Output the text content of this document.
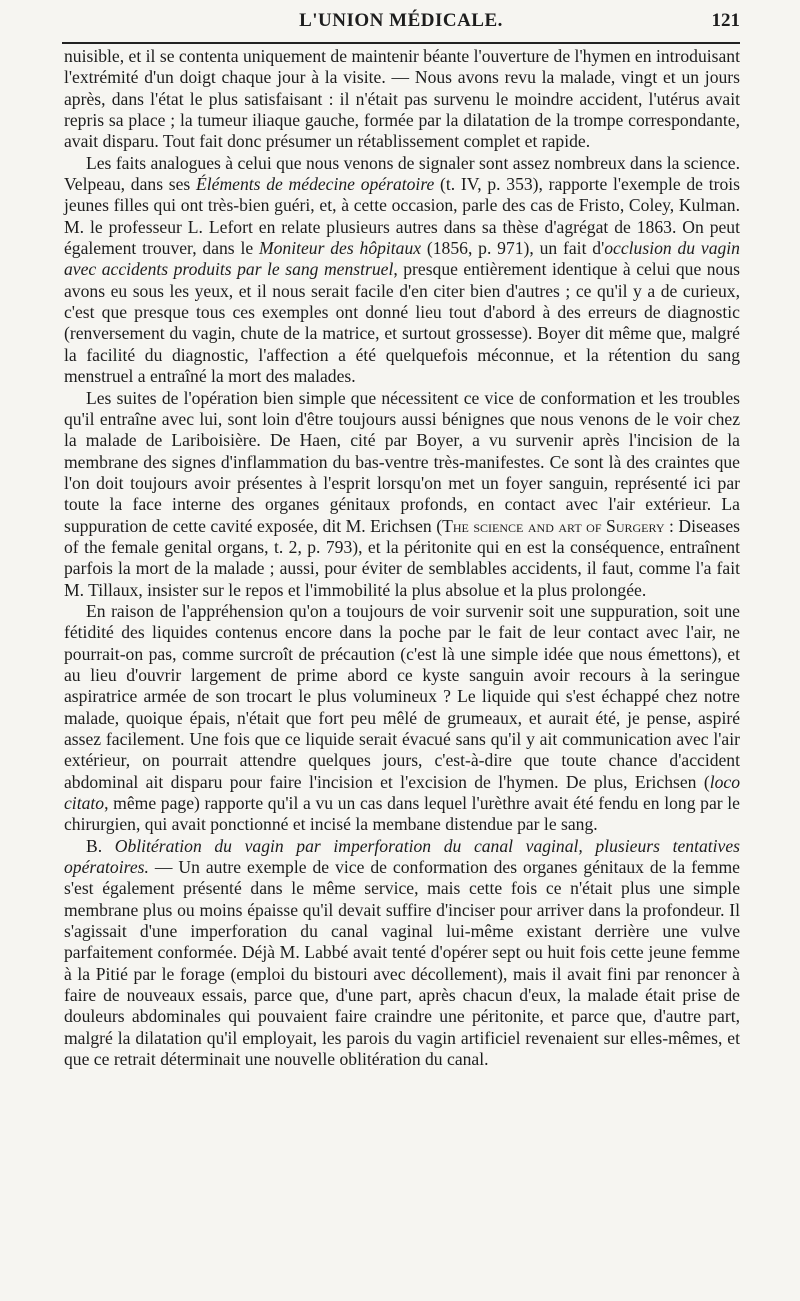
L'UNION MÉDICALE.	121

nuisible, et il se contenta uniquement de maintenir béante l'ouverture de l'hymen en introduisant l'extrémité d'un doigt chaque jour à la visite. — Nous avons revu la malade, vingt et un jours après, dans l'état le plus satisfaisant : il n'était pas survenu le moindre accident, l'utérus avait repris sa place ; la tumeur iliaque gauche, formée par la dilatation de la trompe correspondante, avait disparu. Tout fait donc présumer un rétablissement complet et rapide.

Les faits analogues à celui que nous venons de signaler sont assez nombreux dans la science. Velpeau, dans ses Éléments de médecine opératoire (t. IV, p. 353), rapporte l'exemple de trois jeunes filles qui ont très-bien guéri, et, à cette occasion, parle des cas de Fristo, Coley, Kulman. M. le professeur L. Lefort en relate plusieurs autres dans sa thèse d'agrégat de 1863. On peut également trouver, dans le Moniteur des hôpitaux (1856, p. 971), un fait d'occlusion du vagin avec accidents produits par le sang menstruel, presque entièrement identique à celui que nous avons eu sous les yeux, et il nous serait facile d'en citer bien d'autres ; ce qu'il y a de curieux, c'est que presque tous ces exemples ont donné lieu tout d'abord à des erreurs de diagnostic (renversement du vagin, chute de la matrice, et surtout grossesse). Boyer dit même que, malgré la facilité du diagnostic, l'affection a été quelquefois méconnue, et la rétention du sang menstruel a entraîné la mort des malades.

Les suites de l'opération bien simple que nécessitent ce vice de conformation et les troubles qu'il entraîne avec lui, sont loin d'être toujours aussi bénignes que nous venons de le voir chez la malade de Lariboisière. De Haen, cité par Boyer, a vu survenir après l'incision de la membrane des signes d'inflammation du bas-ventre très-manifestes. Ce sont là des craintes que l'on doit toujours avoir présentes à l'esprit lorsqu'on met un foyer sanguin, représenté ici par toute la face interne des organes génitaux profonds, en contact avec l'air extérieur. La suppuration de cette cavité exposée, dit M. Erichsen (The science and art of Surgery : Diseases of the female genital organs, t. 2, p. 793), et la péritonite qui en est la conséquence, entraînent parfois la mort de la malade ; aussi, pour éviter de semblables accidents, il faut, comme l'a fait M. Tillaux, insister sur le repos et l'immobilité la plus absolue et la plus prolongée.

En raison de l'appréhension qu'on a toujours de voir survenir soit une suppuration, soit une fétidité des liquides contenus encore dans la poche par le fait de leur contact avec l'air, ne pourrait-on pas, comme surcroît de précaution (c'est là une simple idée que nous émettons), et au lieu d'ouvrir largement de prime abord ce kyste sanguin avoir recours à la seringue aspiratrice armée de son trocart le plus volumineux ? Le liquide qui s'est échappé chez notre malade, quoique épais, n'était que fort peu mêlé de grumeaux, et aurait été, je pense, aspiré assez facilement. Une fois que ce liquide serait évacué sans qu'il y ait communication avec l'air extérieur, on pourrait attendre quelques jours, c'est-à-dire que toute chance d'accident abdominal ait disparu pour faire l'incision et l'excision de l'hymen. De plus, Erichsen (loco citato, même page) rapporte qu'il a vu un cas dans lequel l'urèthre avait été fendu en long par le chirurgien, qui avait ponctionné et incisé la membane distendue par le sang.

B. Oblitération du vagin par imperforation du canal vaginal, plusieurs tentatives opératoires. — Un autre exemple de vice de conformation des organes génitaux de la femme s'est également présenté dans le même service, mais cette fois ce n'était plus une simple membrane plus ou moins épaisse qu'il devait suffire d'inciser pour arriver dans la profondeur. Il s'agissait d'une imperforation du canal vaginal lui-même existant derrière une vulve parfaitement conformée. Déjà M. Labbé avait tenté d'opérer sept ou huit fois cette jeune femme à la Pitié par le forage (emploi du bistouri avec décollement), mais il avait fini par renoncer à faire de nouveaux essais, parce que, d'une part, après chacun d'eux, la malade était prise de douleurs abdominales qui pouvaient faire craindre une péritonite, et parce que, d'autre part, malgré la dilatation qu'il employait, les parois du vagin artificiel revenaient sur elles-mêmes, et que ce retrait déterminait une nouvelle oblitération du canal.
